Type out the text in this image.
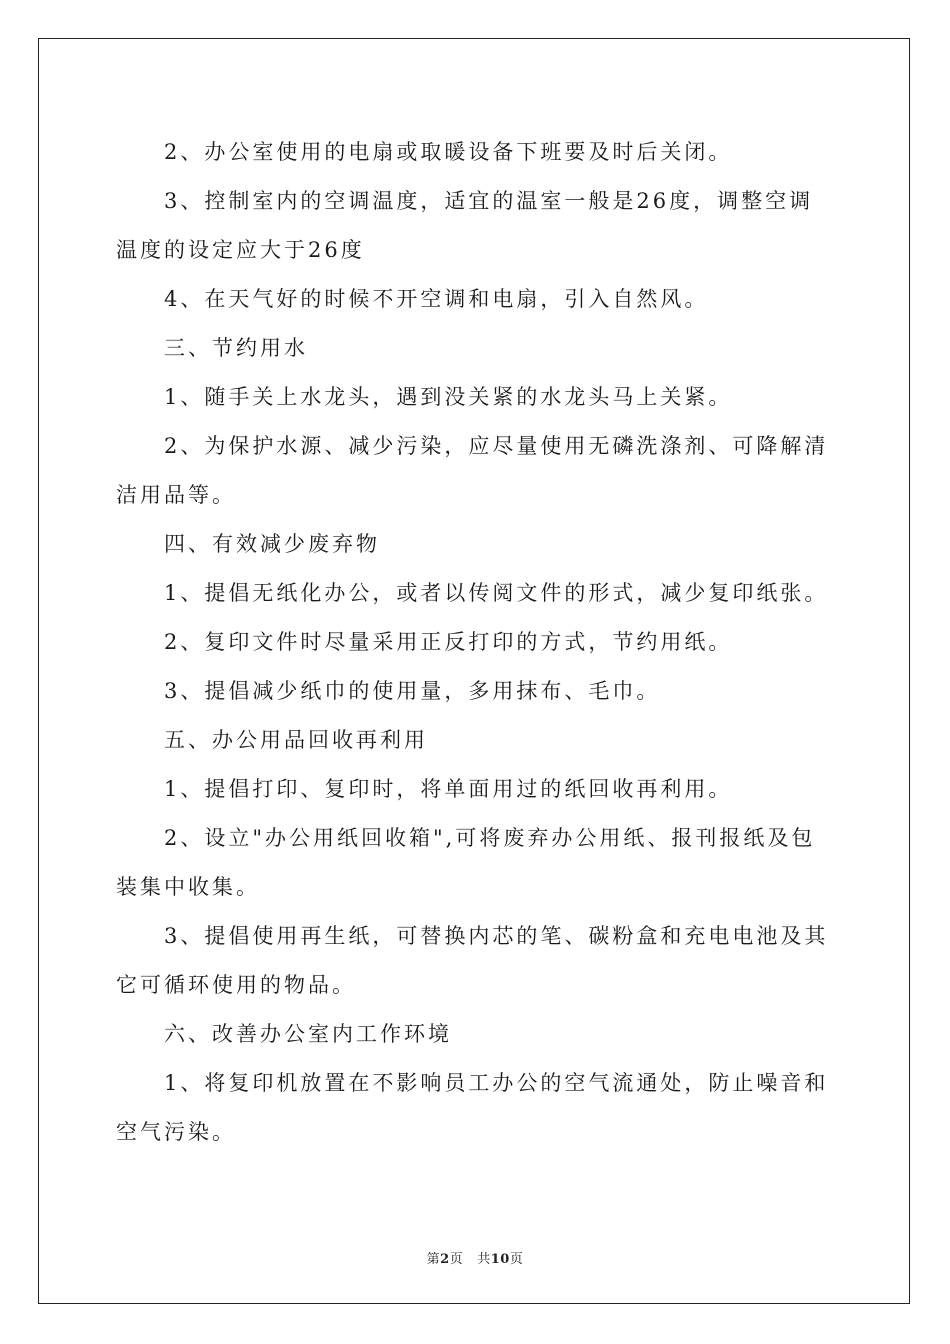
2、办公室使用的电扇或取暖设备下班要及时后关闭。

3、控制室内的空调温度，适宜的温室一般是26度，调整空调温度的设定应大于26度

4、在天气好的时候不开空调和电扇，引入自然风。

三、节约用水

1、随手关上水龙头，遇到没关紧的水龙头马上关紧。

2、为保护水源、减少污染，应尽量使用无磷洗涤剂、可降解清洁用品等。

四、有效减少废弃物

1、提倡无纸化办公，或者以传阅文件的形式，减少复印纸张。

2、复印文件时尽量采用正反打印的方式，节约用纸。

3、提倡减少纸巾的使用量，多用抹布、毛巾。

五、办公用品回收再利用

1、提倡打印、复印时，将单面用过的纸回收再利用。

2、设立"办公用纸回收箱",可将废弃办公用纸、报刊报纸及包装集中收集。

3、提倡使用再生纸，可替换内芯的笔、碳粉盒和充电电池及其它可循环使用的物品。

六、改善办公室内工作环境

1、将复印机放置在不影响员工办公的空气流通处，防止噪音和空气污染。

第2页 共10页
